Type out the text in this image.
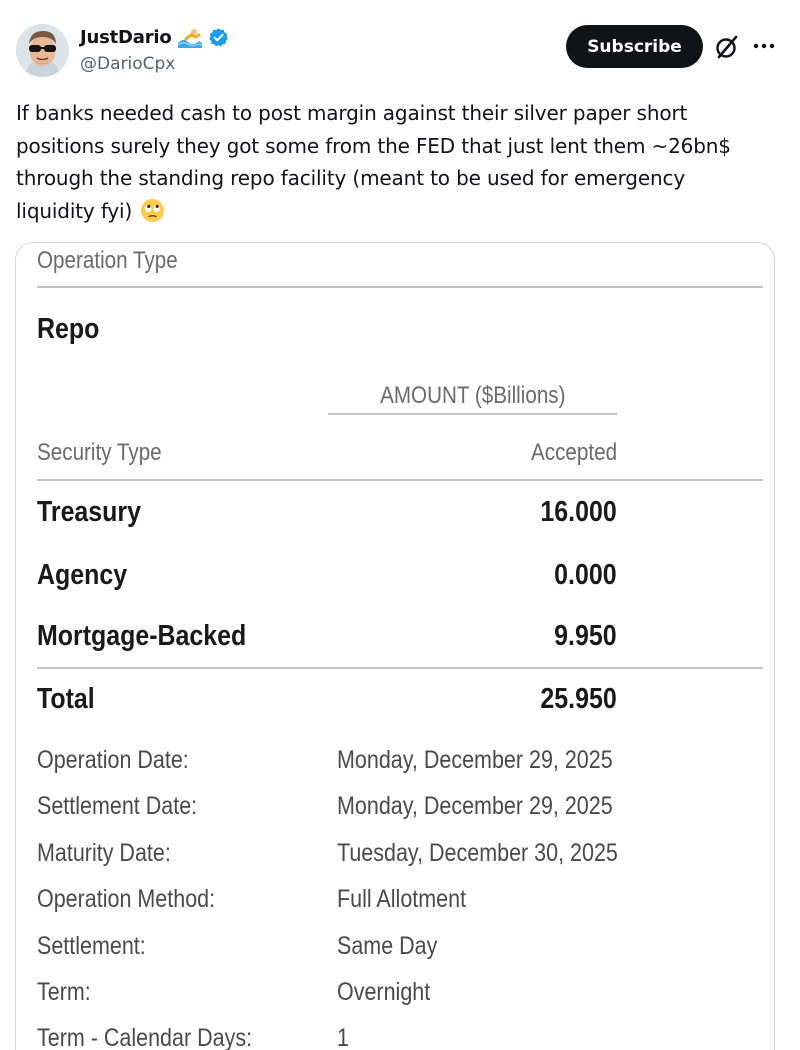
JustDario
@DarioCpx
Subscribe
If banks needed cash to post margin against their silver paper short
positions surely they got some from the FED that just lent them ~26bn$
through the standing repo facility (meant to be used for emergency
liquidity fyi)
Operation Type
Repo
AMOUNT ($Billions)
Security Type	Accepted
Treasury	16.000
Agency	0.000
Mortgage-Backed	9.950
Total	25.950
Operation Date:	Monday, December 29, 2025
Settlement Date:	Monday, December 29, 2025
Maturity Date:	Tuesday, December 30, 2025
Operation Method:	Full Allotment
Settlement:	Same Day
Term:	Overnight
Term - Calendar Days:	1
